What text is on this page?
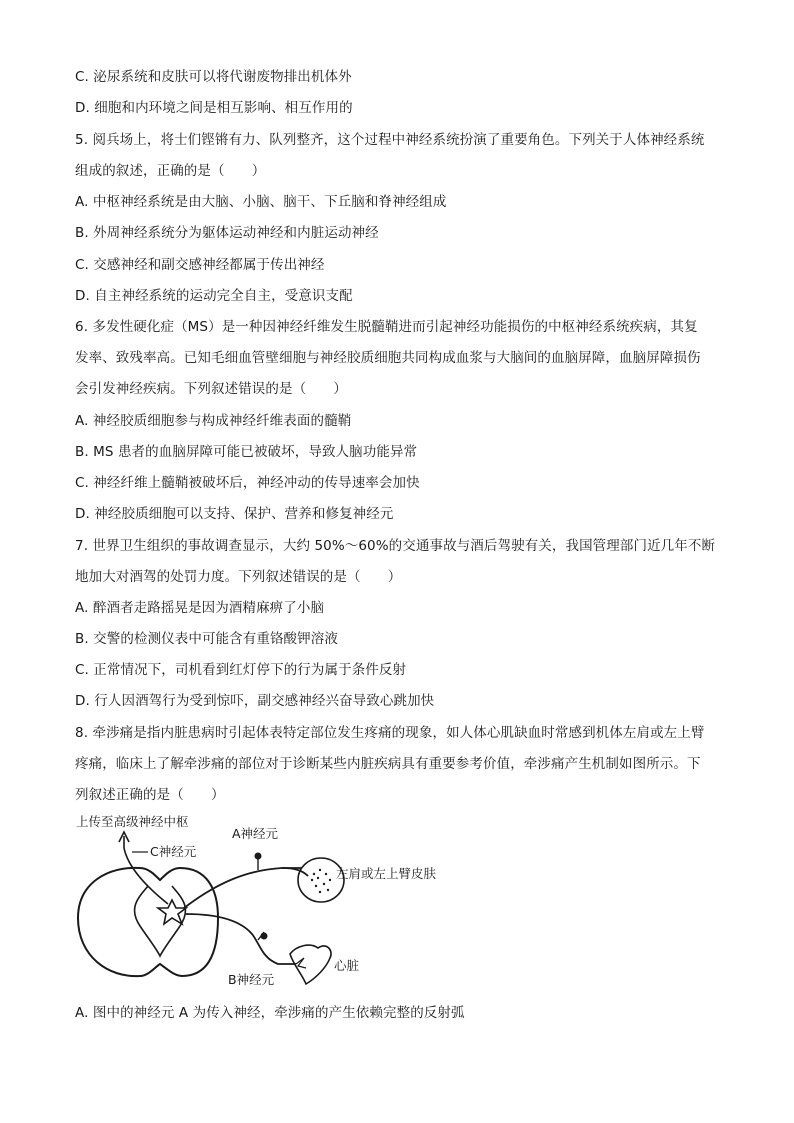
C. 泌尿系统和皮肤可以将代谢废物排出机体外
D. 细胞和内环境之间是相互影响、相互作用的
5. 阅兵场上，将士们铿锵有力、队列整齐，这个过程中神经系统扮演了重要角色。下列关于人体神经系统
组成的叙述，正确的是（　　）
A. 中枢神经系统是由大脑、小脑、脑干、下丘脑和脊神经组成
B. 外周神经系统分为躯体运动神经和内脏运动神经
C. 交感神经和副交感神经都属于传出神经
D. 自主神经系统的运动完全自主，受意识支配
6. 多发性硬化症（MS）是一种因神经纤维发生脱髓鞘进而引起神经功能损伤的中枢神经系统疾病，其复
发率、致残率高。已知毛细血管壁细胞与神经胶质细胞共同构成血浆与大脑间的血脑屏障，血脑屏障损伤
会引发神经疾病。下列叙述错误的是（　　）
A. 神经胶质细胞参与构成神经纤维表面的髓鞘
B. MS 患者的血脑屏障可能已被破坏，导致人脑功能异常
C. 神经纤维上髓鞘被破坏后，神经冲动的传导速率会加快
D. 神经胶质细胞可以支持、保护、营养和修复神经元
7. 世界卫生组织的事故调查显示，大约 50%～60%的交通事故与酒后驾驶有关，我国管理部门近几年不断
地加大对酒驾的处罚力度。下列叙述错误的是（　　）
A. 醉酒者走路摇晃是因为酒精麻痹了小脑
B. 交警的检测仪表中可能含有重铬酸钾溶液
C. 正常情况下，司机看到红灯停下的行为属于条件反射
D. 行人因酒驾行为受到惊吓，副交感神经兴奋导致心跳加快
8. 牵涉痛是指内脏患病时引起体表特定部位发生疼痛的现象，如人体心肌缺血时常感到机体左肩或左上臂
疼痛，临床上了解牵涉痛的部位对于诊断某些内脏疾病具有重要参考价值，牵涉痛产生机制如图所示。下
列叙述正确的是（　　）
上传至高级神经中枢
C神经元
A神经元
左肩或左上臂皮肤
心脏
B神经元
A. 图中的神经元 A 为传入神经，牵涉痛的产生依赖完整的反射弧
